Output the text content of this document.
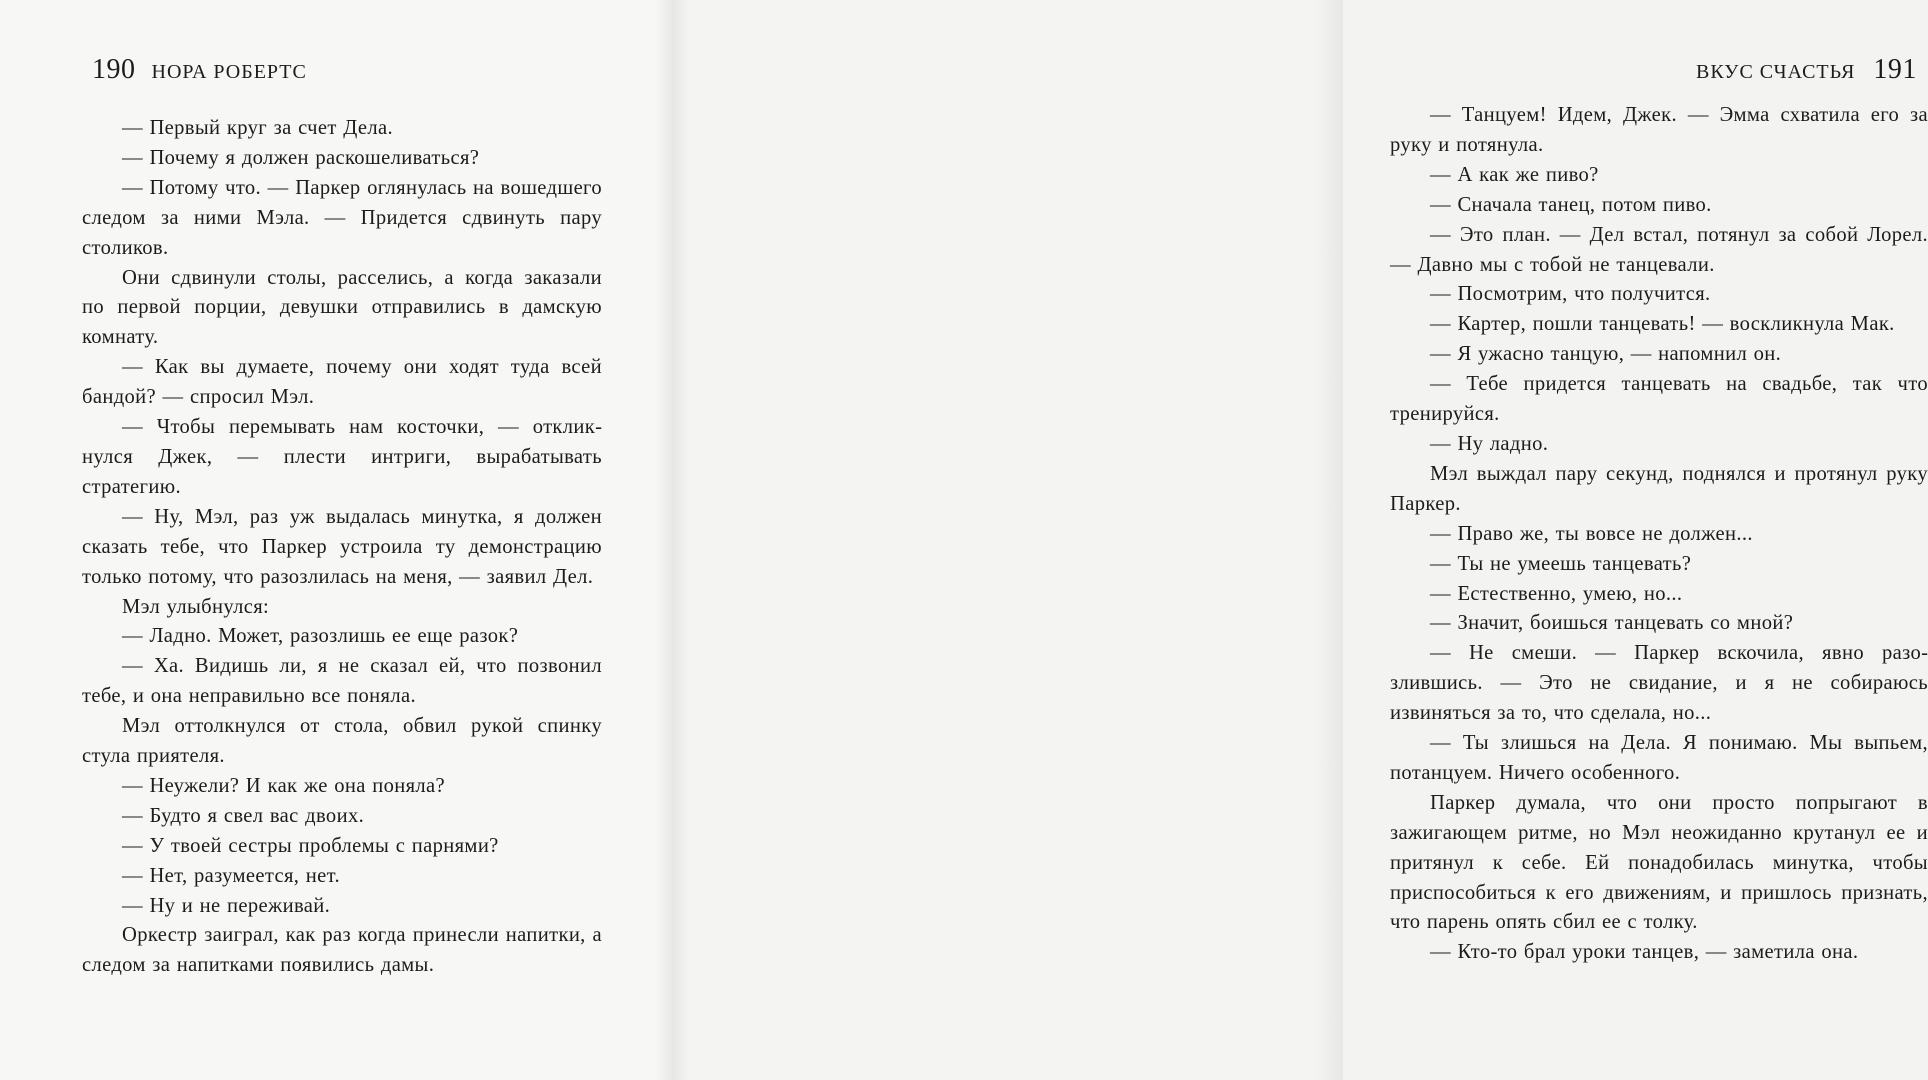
190 НОРА РОБЕРТС

— Первый круг за счет Дела.

— Почему я должен раскошеливаться?

— Потому что. — Паркер оглянулась на вошедшего следом за ними Мэла. — Придется сдвинуть пару столиков.

Они сдвинули столы, расселись, а когда заказали по первой порции, девушки отправились в дамскую комнату.

— Как вы думаете, почему они ходят туда всей бандой? — спросил Мэл.

— Чтобы перемывать нам косточки, — откликнулся Джек, — плести интриги, вырабатывать стратегию.

— Ну, Мэл, раз уж выдалась минутка, я должен сказать тебе, что Паркер устроила ту демонстрацию только потому, что разозлилась на меня, — заявил Дел.

Мэл улыбнулся:

— Ладно. Может, разозлишь ее еще разок?

— Ха. Видишь ли, я не сказал ей, что позвонил тебе, и она неправильно все поняла.

Мэл оттолкнулся от стола, обвил рукой спинку стула приятеля.

— Неужели? И как же она поняла?

— Будто я свел вас двоих.

— У твоей сестры проблемы с парнями?

— Нет, разумеется, нет.

— Ну и не переживай.

Оркестр заиграл, как раз когда принесли напитки, а следом за напитками появились дамы.

ВКУС СЧАСТЬЯ 191

— Танцуем! Идем, Джек. — Эмма схватила его за руку и потянула.

— А как же пиво?

— Сначала танец, потом пиво.

— Это план. — Дел встал, потянул за собой Лорел. — Давно мы с тобой не танцевали.

— Посмотрим, что получится.

— Картер, пошли танцевать! — воскликнула Мак.

— Я ужасно танцую, — напомнил он.

— Тебе придется танцевать на свадьбе, так что тренируйся.

— Ну ладно.

Мэл выждал пару секунд, поднялся и протянул руку Паркер.

— Право же, ты вовсе не должен...

— Ты не умеешь танцевать?

— Естественно, умею, но...

— Значит, боишься танцевать со мной?

— Не смеши. — Паркер вскочила, явно разозлившись. — Это не свидание, и я не собираюсь извиняться за то, что сделала, но...

— Ты злишься на Дела. Я понимаю. Мы выпьем, потанцуем. Ничего особенного.

Паркер думала, что они просто попрыгают в зажигающем ритме, но Мэл неожиданно крутанул ее и притянул к себе. Ей понадобилась минутка, чтобы приспособиться к его движениям, и пришлось признать, что парень опять сбил ее с толку.

— Кто-то брал уроки танцев, — заметила она.
